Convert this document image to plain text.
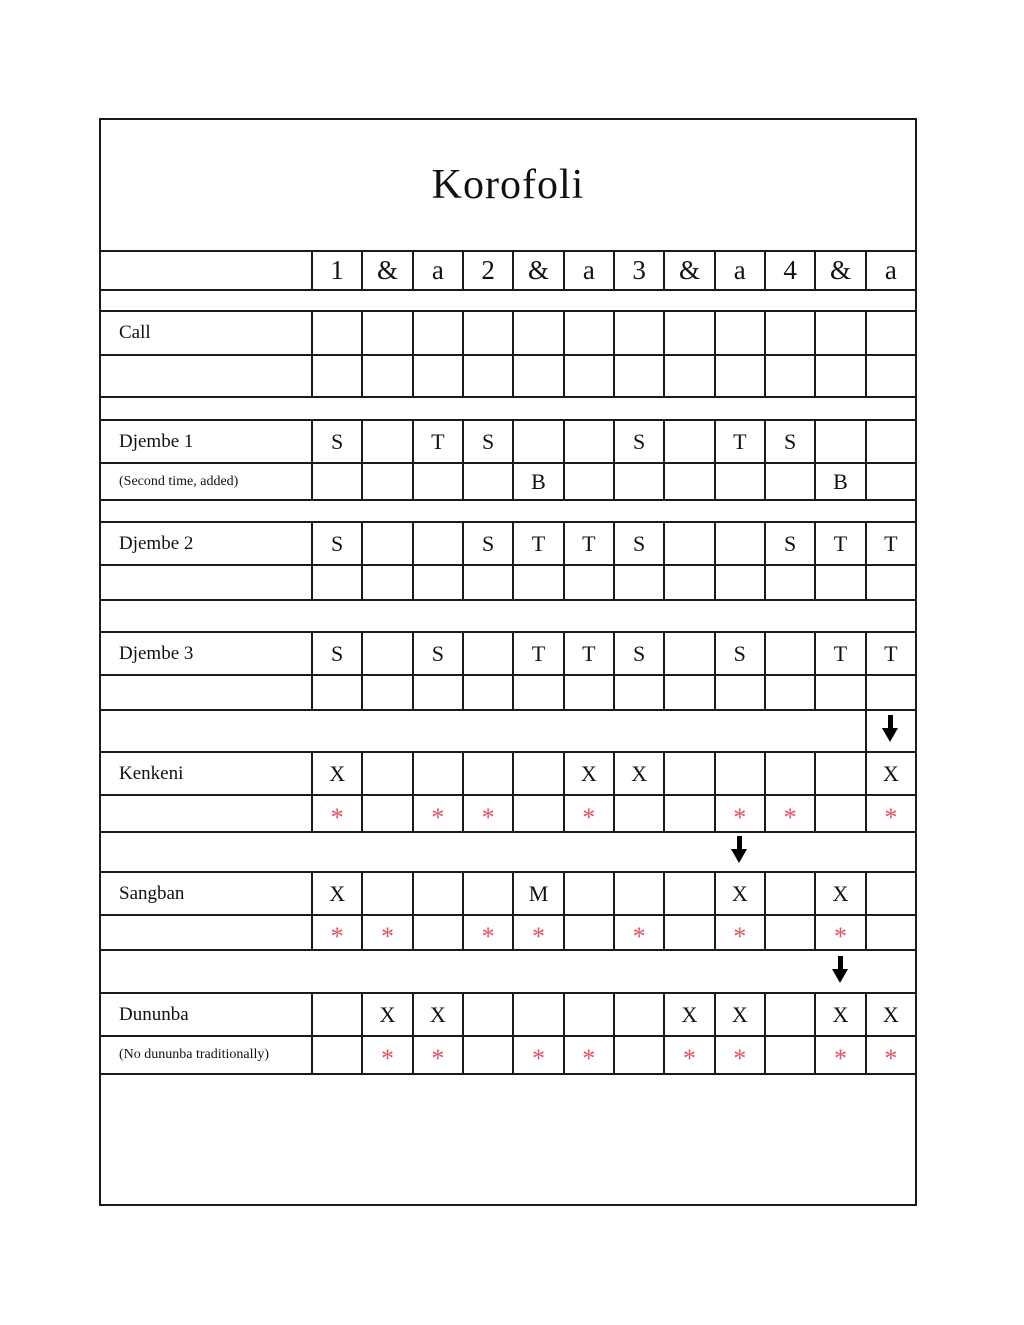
Korofoli												
	1	&	a	2	&	a	3	&	a	4	&	a

Call												

Djembe 1	S		T	S			S		T	S		
(Second time, added)					B						B	

Djembe 2	S			S	T	T	S			S	T	T

Djembe 3	S		S		T	T	S		S		T	T

Kenkeni	X					X	X					X
	*		*	*		*			*	*		*

Sangban	X				M				X		X	
	*	*		*	*		*		*		*	

Dununba		X	X					X	X		X	X
(No dununba traditionally)		*	*		*	*		*	*		*	*
